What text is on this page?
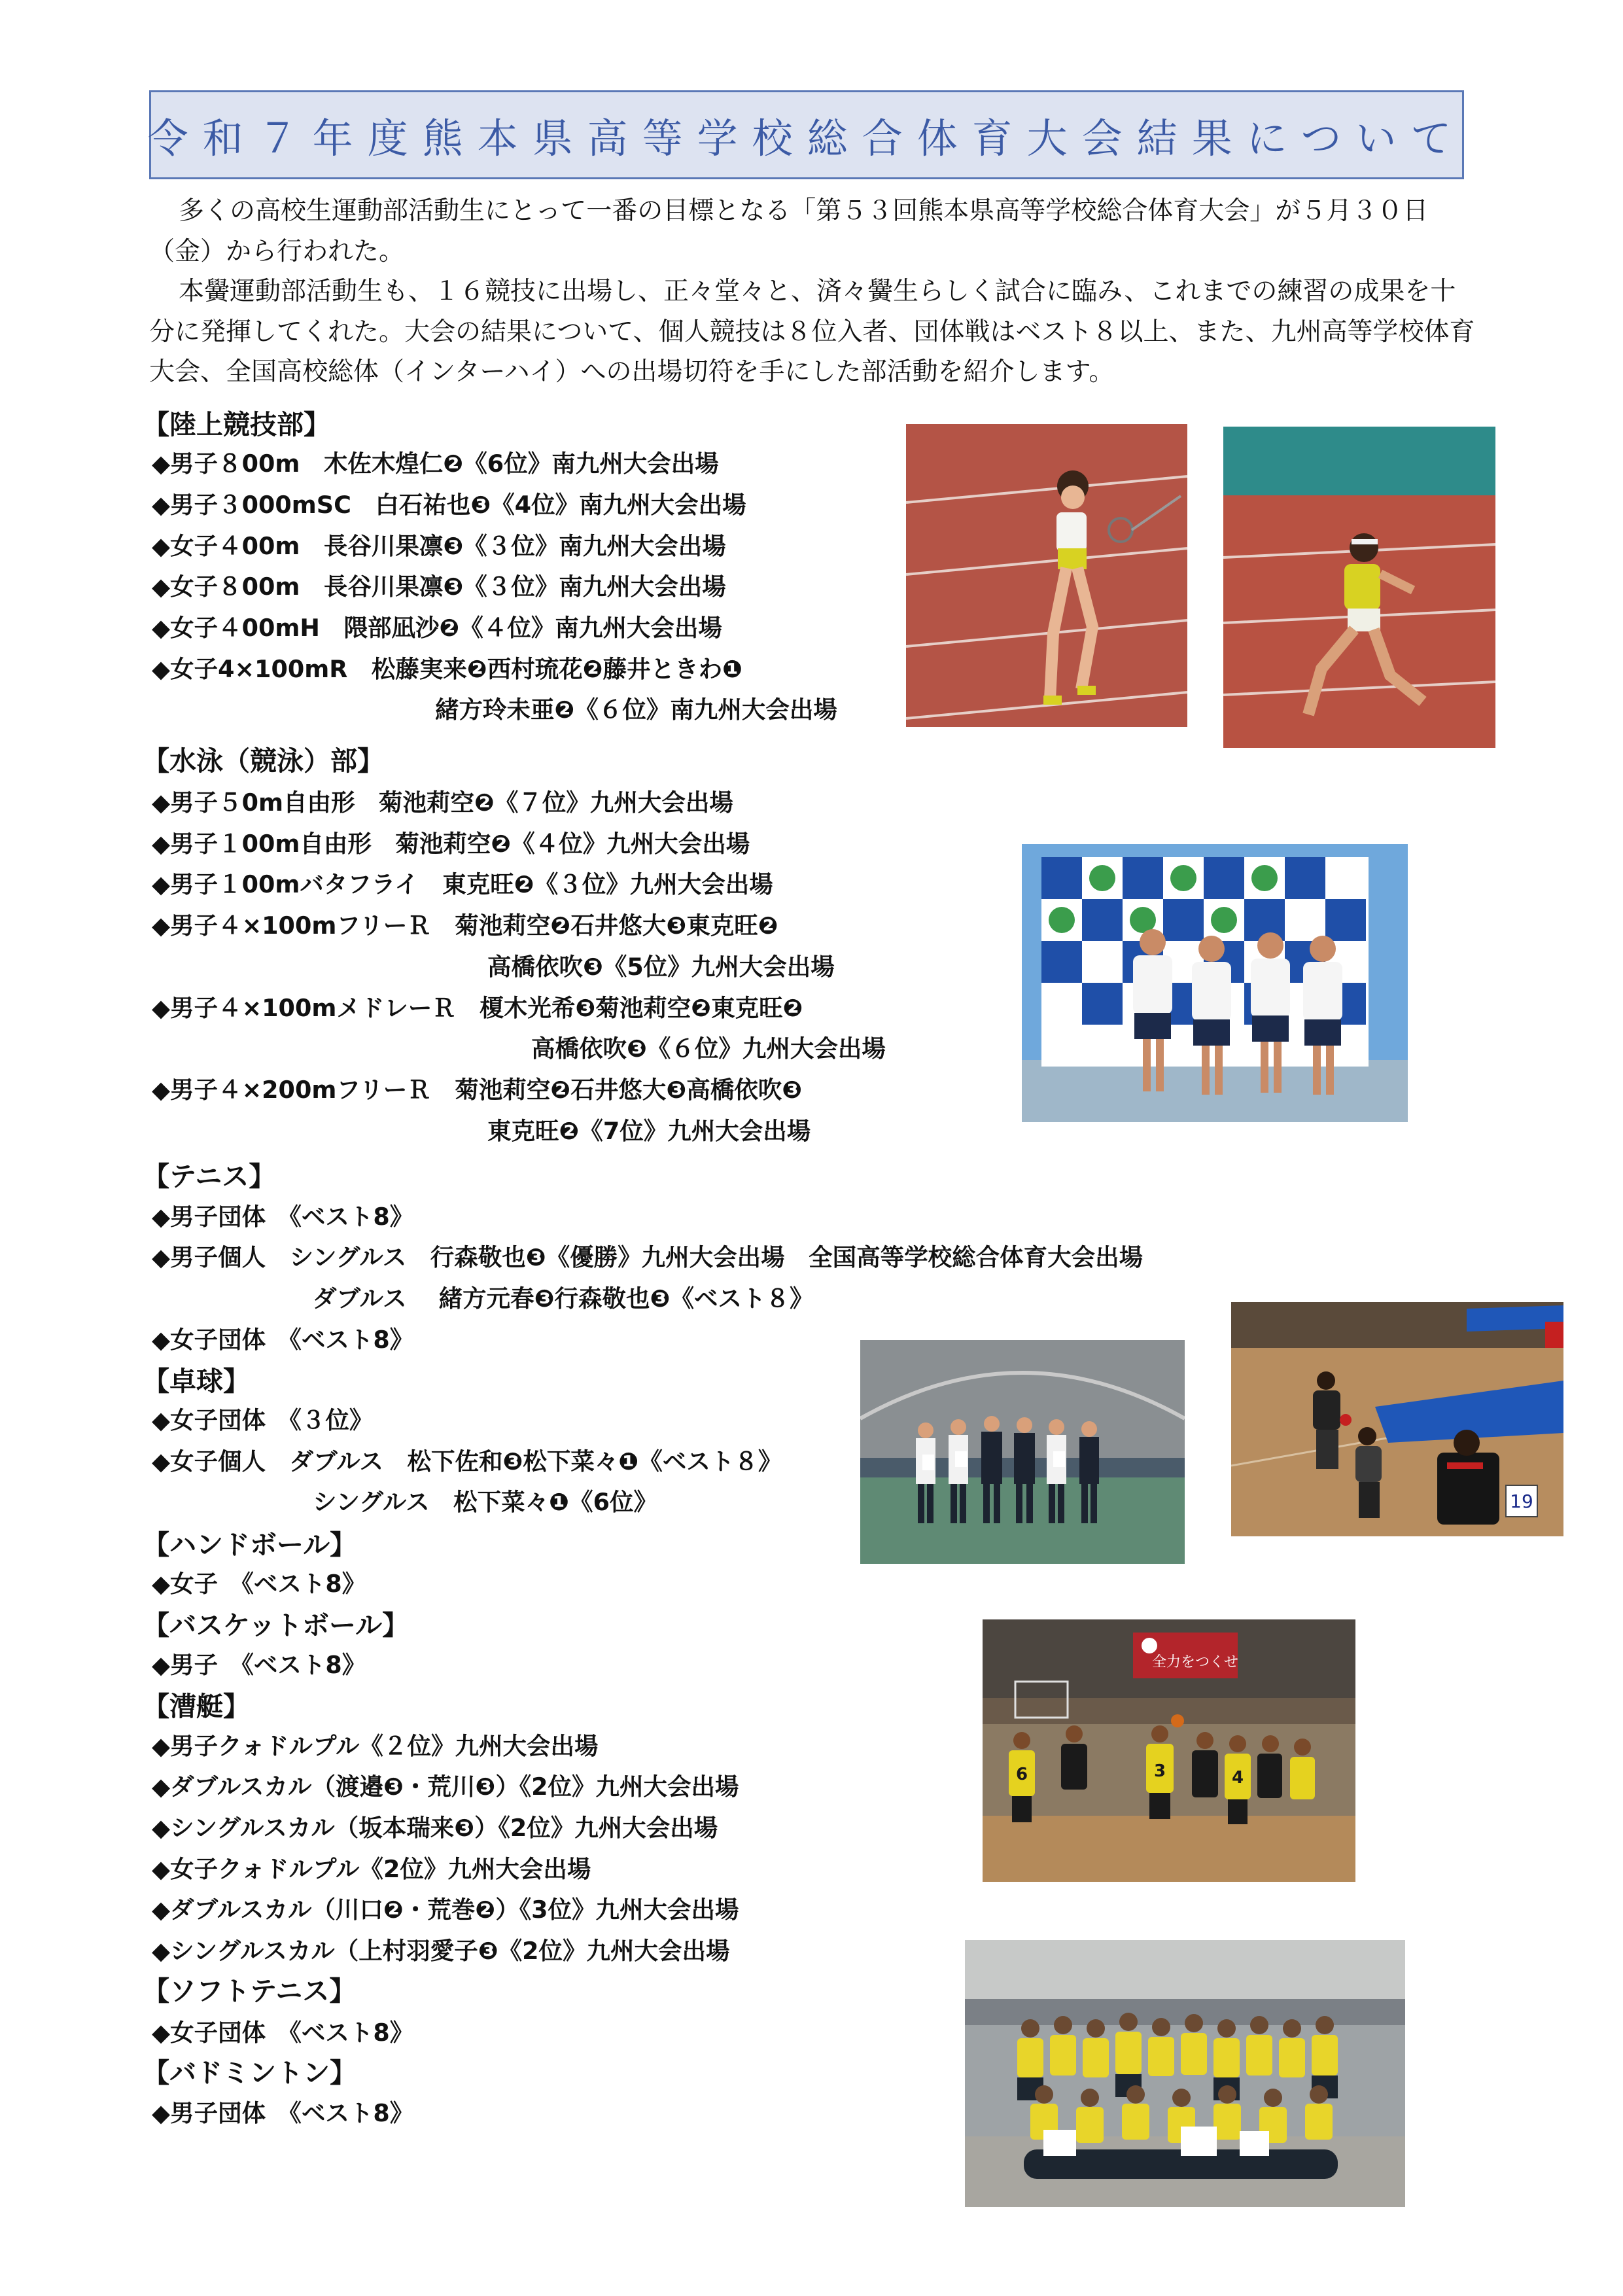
令和７年度熊本県高等学校総合体育大会結果について

多くの高校生運動部活動生にとって一番の目標となる「第５３回熊本県高等学校総合体育大会」が５月３０日（金）から行われた。

本黌運動部活動生も、１６競技に出場し、正々堂々と、済々黌生らしく試合に臨み、これまでの練習の成果を十分に発揮してくれた。大会の結果について、個人競技は８位入者、団体戦はベスト８以上、また、九州高等学校体育大会、全国高校総体（インターハイ）への出場切符を手にした部活動を紹介します。

【陸上競技部】
◆男子８00m　木佐木煌仁❷《6位》南九州大会出場
◆男子３000mSC　白石祐也❸《4位》南九州大会出場
◆女子４00m　長谷川果凛❸《３位》南九州大会出場
◆女子８00m　長谷川果凛❸《３位》南九州大会出場
◆女子４00mH　隈部凪沙❷《４位》南九州大会出場
◆女子4×100mR　松藤実来❷西村琉花❷藤井ときわ❶
緒方玲未亜❷《６位》南九州大会出場
【水泳（競泳）部】
◆男子５0m自由形　菊池莉空❷《７位》九州大会出場
◆男子１00m自由形　菊池莉空❷《４位》九州大会出場
◆男子１00mバタフライ　東克旺❷《３位》九州大会出場
◆男子４×100mフリーＲ　菊池莉空❷石井悠大❸東克旺❷
高橋依吹❸《5位》九州大会出場
◆男子４×100mメドレーＲ　榎木光希❸菊池莉空❷東克旺❷
高橋依吹❸《６位》九州大会出場
◆男子４×200mフリーＲ　菊池莉空❷石井悠大❸高橋依吹❸
東克旺❷《7位》九州大会出場
【テニス】
◆男子団体　《ベスト8》
◆男子個人　シングルス　行森敬也❸《優勝》九州大会出場　全国高等学校総合体育大会出場
ダブルス　 緒方元春❸行森敬也❸《ベスト８》
◆女子団体　《ベスト8》
【卓球】
◆女子団体　《３位》
◆女子個人　ダブルス　松下佐和❸松下菜々❶《ベスト８》
シングルス　松下菜々❶《6位》
【ハンドボール】
◆女子　《ベスト8》
【バスケットボール】
◆男子　《ベスト8》
【漕艇】
◆男子クォドルプル《２位》九州大会出場
◆ダブルスカル（渡邉❸・荒川❸）《2位》九州大会出場
◆シングルスカル（坂本瑞来❸）《2位》九州大会出場
◆女子クォドルプル《2位》九州大会出場
◆ダブルスカル（川口❷・荒巻❷）《3位》九州大会出場
◆シングルスカル（上村羽愛子❸《2位》九州大会出場
【ソフトテニス】
◆女子団体　《ベスト8》
【バドミントン】
◆男子団体　《ベスト8》
19
全力をつくせ
6	3	4
